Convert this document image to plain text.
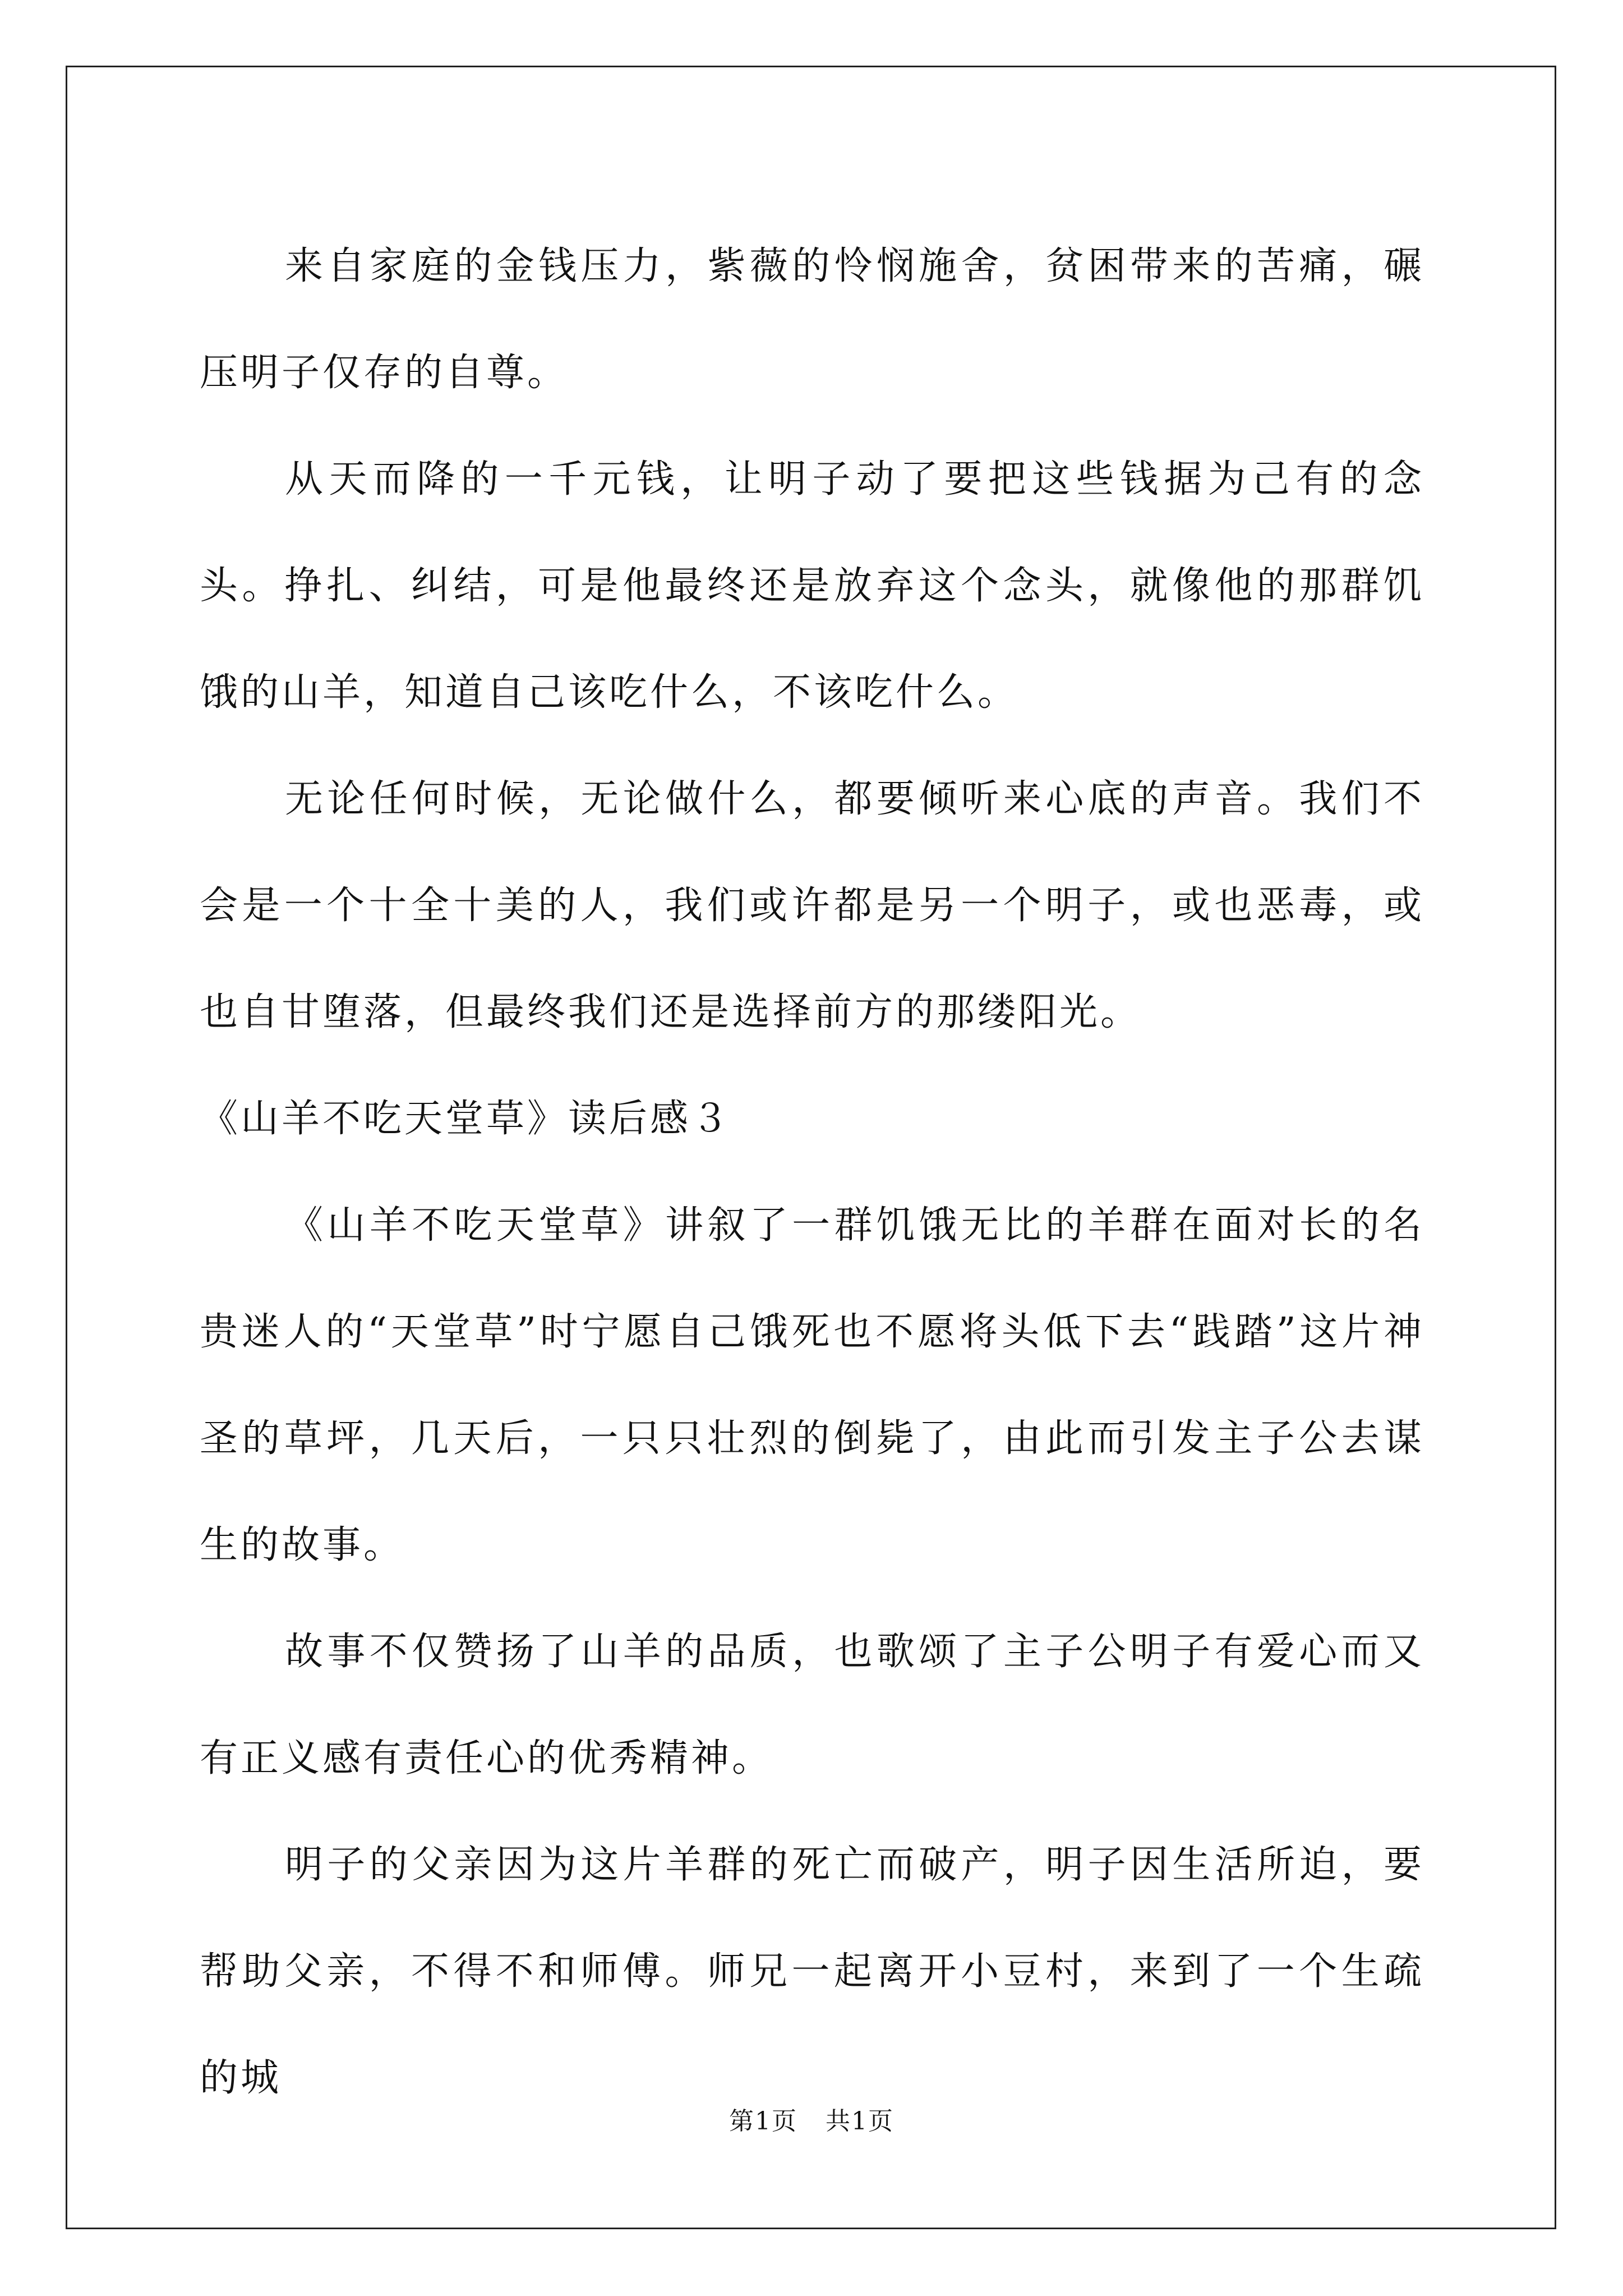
来自家庭的金钱压力，紫薇的怜悯施舍，贫困带来的苦痛，碾压明子仅存的自尊。

从天而降的一千元钱，让明子动了要把这些钱据为己有的念头。挣扎、纠结，可是他最终还是放弃这个念头，就像他的那群饥饿的山羊，知道自己该吃什么，不该吃什么。

无论任何时候，无论做什么，都要倾听来心底的声音。我们不会是一个十全十美的人，我们或许都是另一个明子，或也恶毒，或也自甘堕落，但最终我们还是选择前方的那缕阳光。

《山羊不吃天堂草》读后感３

《山羊不吃天堂草》讲叙了一群饥饿无比的羊群在面对长的名贵迷人的“天堂草”时宁愿自己饿死也不愿将头低下去“践踏”这片神圣的草坪，几天后，一只只壮烈的倒毙了，由此而引发主子公去谋生的故事。

故事不仅赞扬了山羊的品质，也歌颂了主子公明子有爱心而又有正义感有责任心的优秀精神。

明子的父亲因为这片羊群的死亡而破产，明子因生活所迫，要帮助父亲，不得不和师傅。师兄一起离开小豆村，来到了一个生疏的城

第1页 共1页
